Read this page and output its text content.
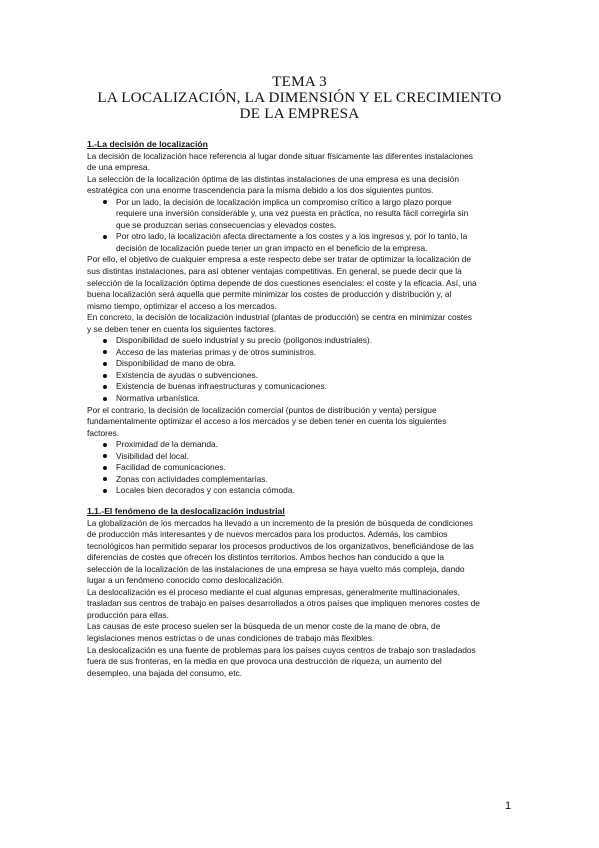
TEMA 3
LA LOCALIZACIÓN, LA DIMENSIÓN Y EL CRECIMIENTO
DE LA EMPRESA
1.-La decisión de localización
La decisión de localización hace referencia al lugar donde situar físicamente las diferentes instalaciones
de una empresa.
La selección de la localización óptima de las distintas instalaciones de una empresa es una decisión
estratégica con una enorme trascendencia para la misma debido a los dos siguientes puntos.
Por un lado, la decisión de localización implica un compromiso crítico a largo plazo porque
requiere una inversión considerable y, una vez puesta en práctica, no resulta fácil corregirla sin
que se produzcan serias consecuencias y elevados costes.
Por otro lado, la localización afecta directamente a los costes y a los ingresos y, por lo tanto, la
decisión de localización puede tener un gran impacto en el beneficio de la empresa.
Por ello, el objetivo de cualquier empresa a este respecto debe ser tratar de optimizar la localización de
sus distintas instalaciones, para así obtener ventajas competitivas. En general, se puede decir que la
selección de la localización óptima depende de dos cuestiones esenciales: el coste y la eficacia. Así, una
buena localización será aquella que permite minimizar los costes de producción y distribución y, al
mismo tiempo, optimizar el acceso a los mercados.
En concreto, la decisión de localización industrial (plantas de producción) se centra en minimizar costes
y se deben tener en cuenta los siguientes factores.
Disponibilidad de suelo industrial y su precio (polígonos industriales).
Acceso de las materias primas y de otros suministros.
Disponibilidad de mano de obra.
Existencia de ayudas o subvenciones.
Existencia de buenas infraestructuras y comunicaciones.
Normativa urbanística.
Por el contrario, la decisión de localización comercial (puntos de distribución y venta) persigue
fundamentalmente optimizar el acceso a los mercados y se deben tener en cuenta los siguientes
factores.
Proximidad de la demanda.
Visibilidad del local.
Facilidad de comunicaciones.
Zonas con actividades complementarias.
Locales bien decorados y con estancia cómoda.
1.1.-El fenómeno de la deslocalización industrial
La globalización de los mercados ha llevado a un incremento de la presión de búsqueda de condiciones
de producción más interesantes y de nuevos mercados para los productos. Además, los cambios
tecnológicos han permitido separar los procesos productivos de los organizativos, beneficiándose de las
diferencias de costes que ofrecen los distintos territorios. Ambos hechos han conducido a que la
selección de la localización de las instalaciones de una empresa se haya vuelto más compleja, dando
lugar a un fenómeno conocido como deslocalización.
La deslocalización es el proceso mediante el cual algunas empresas, generalmente multinacionales,
trasladan sus centros de trabajo en países desarrollados a otros países que impliquen menores costes de
producción para ellas.
Las causas de este proceso suelen ser la búsqueda de un menor coste de la mano de obra, de
legislaciones menos estrictas o de unas condiciones de trabajo más flexibles.
La deslocalización es una fuente de problemas para los países cuyos centros de trabajo son trasladados
fuera de sus fronteras, en la media en que provoca una destrucción de riqueza, un aumento del
desempleo, una bajada del consumo, etc.
1
